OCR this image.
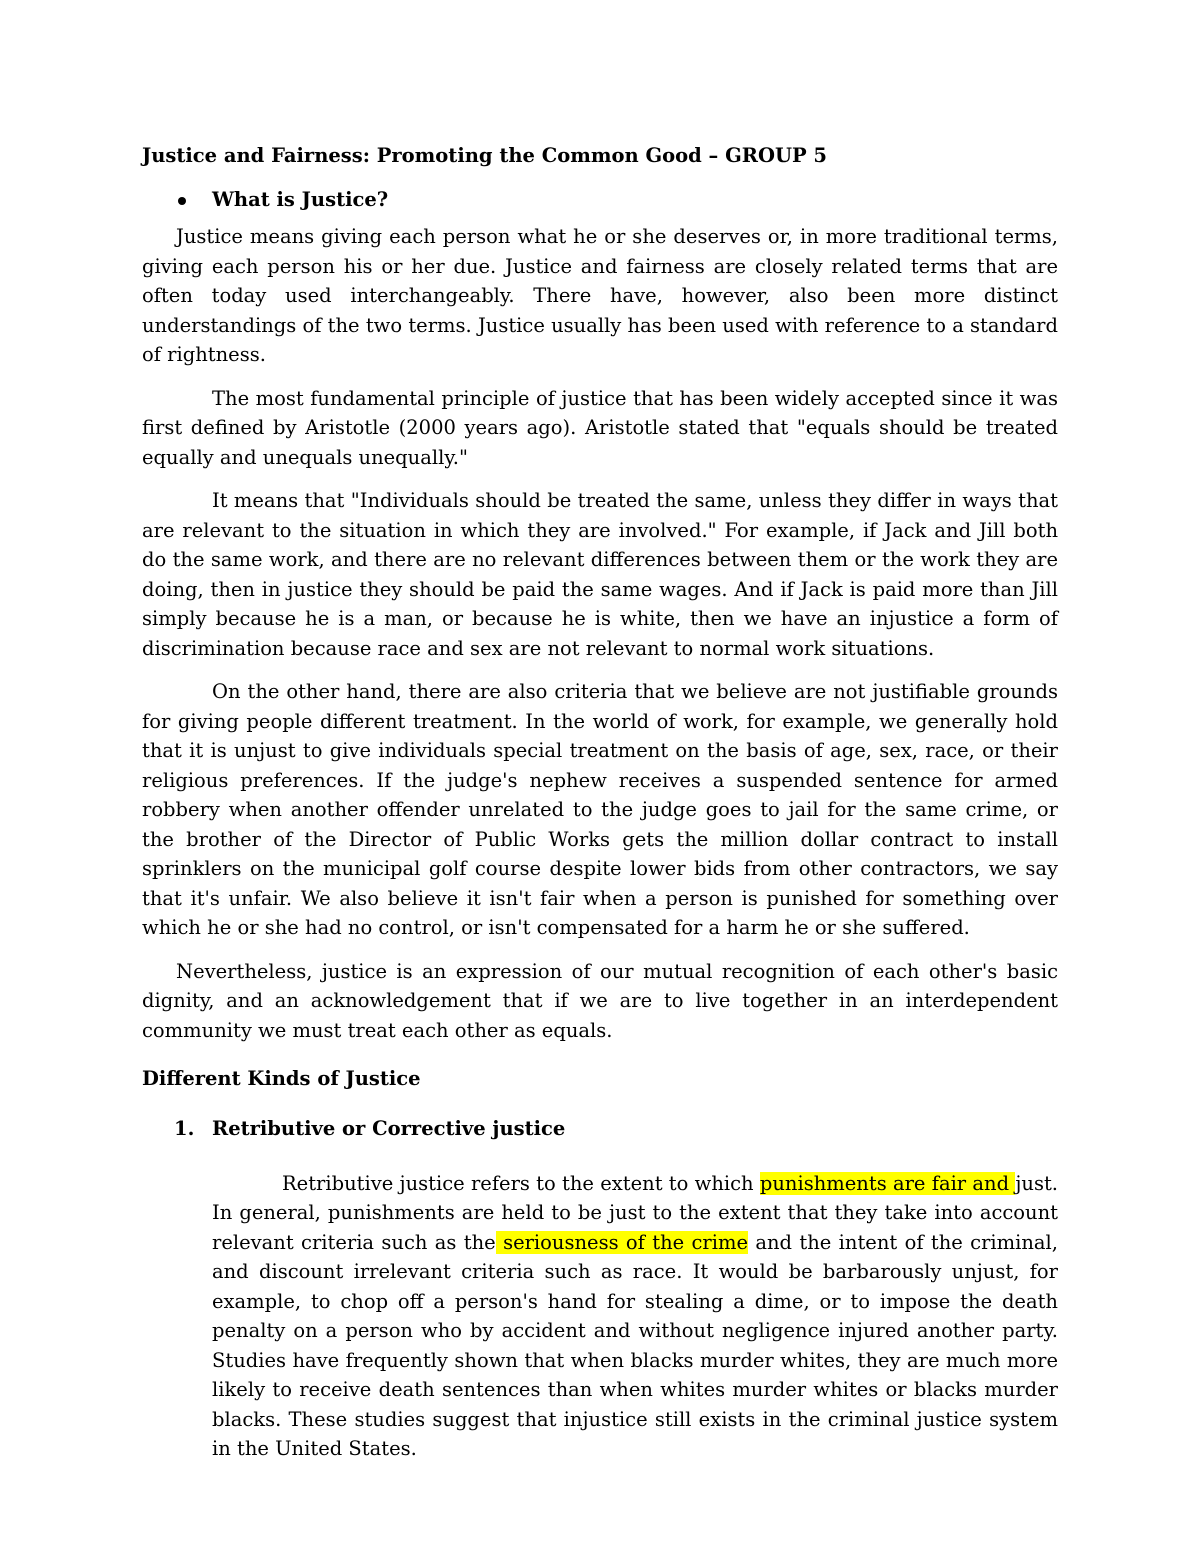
Justice and Fairness: Promoting the Common Good – GROUP 5
What is Justice?

Justice means giving each person what he or she deserves or, in more traditional terms, giving each person his or her due. Justice and fairness are closely related terms that are often today used interchangeably. There have, however, also been more distinct understandings of the two terms. Justice usually has been used with reference to a standard of rightness.

The most fundamental principle of justice that has been widely accepted since it was first defined by Aristotle (2000 years ago). Aristotle stated that "equals should be treated equally and unequals unequally."

It means that "Individuals should be treated the same, unless they differ in ways that are relevant to the situation in which they are involved." For example, if Jack and Jill both do the same work, and there are no relevant differences between them or the work they are doing, then in justice they should be paid the same wages. And if Jack is paid more than Jill simply because he is a man, or because he is white, then we have an injustice a form of discrimination because race and sex are not relevant to normal work situations.

On the other hand, there are also criteria that we believe are not justifiable grounds for giving people different treatment. In the world of work, for example, we generally hold that it is unjust to give individuals special treatment on the basis of age, sex, race, or their religious preferences. If the judge's nephew receives a suspended sentence for armed robbery when another offender unrelated to the judge goes to jail for the same crime, or the brother of the Director of Public Works gets the million dollar contract to install sprinklers on the municipal golf course despite lower bids from other contractors, we say that it's unfair. We also believe it isn't fair when a person is punished for something over which he or she had no control, or isn't compensated for a harm he or she suffered.

Nevertheless, justice is an expression of our mutual recognition of each other's basic dignity, and an acknowledgement that if we are to live together in an interdependent community we must treat each other as equals.

Different Kinds of Justice
1. Retributive or Corrective justice

Retributive justice refers to the extent to which punishments are fair and just. In general, punishments are held to be just to the extent that they take into account relevant criteria such as the seriousness of the crime and the intent of the criminal, and discount irrelevant criteria such as race. It would be barbarously unjust, for example, to chop off a person's hand for stealing a dime, or to impose the death penalty on a person who by accident and without negligence injured another party. Studies have frequently shown that when blacks murder whites, they are much more likely to receive death sentences than when whites murder whites or blacks murder blacks. These studies suggest that injustice still exists in the criminal justice system in the United States.
